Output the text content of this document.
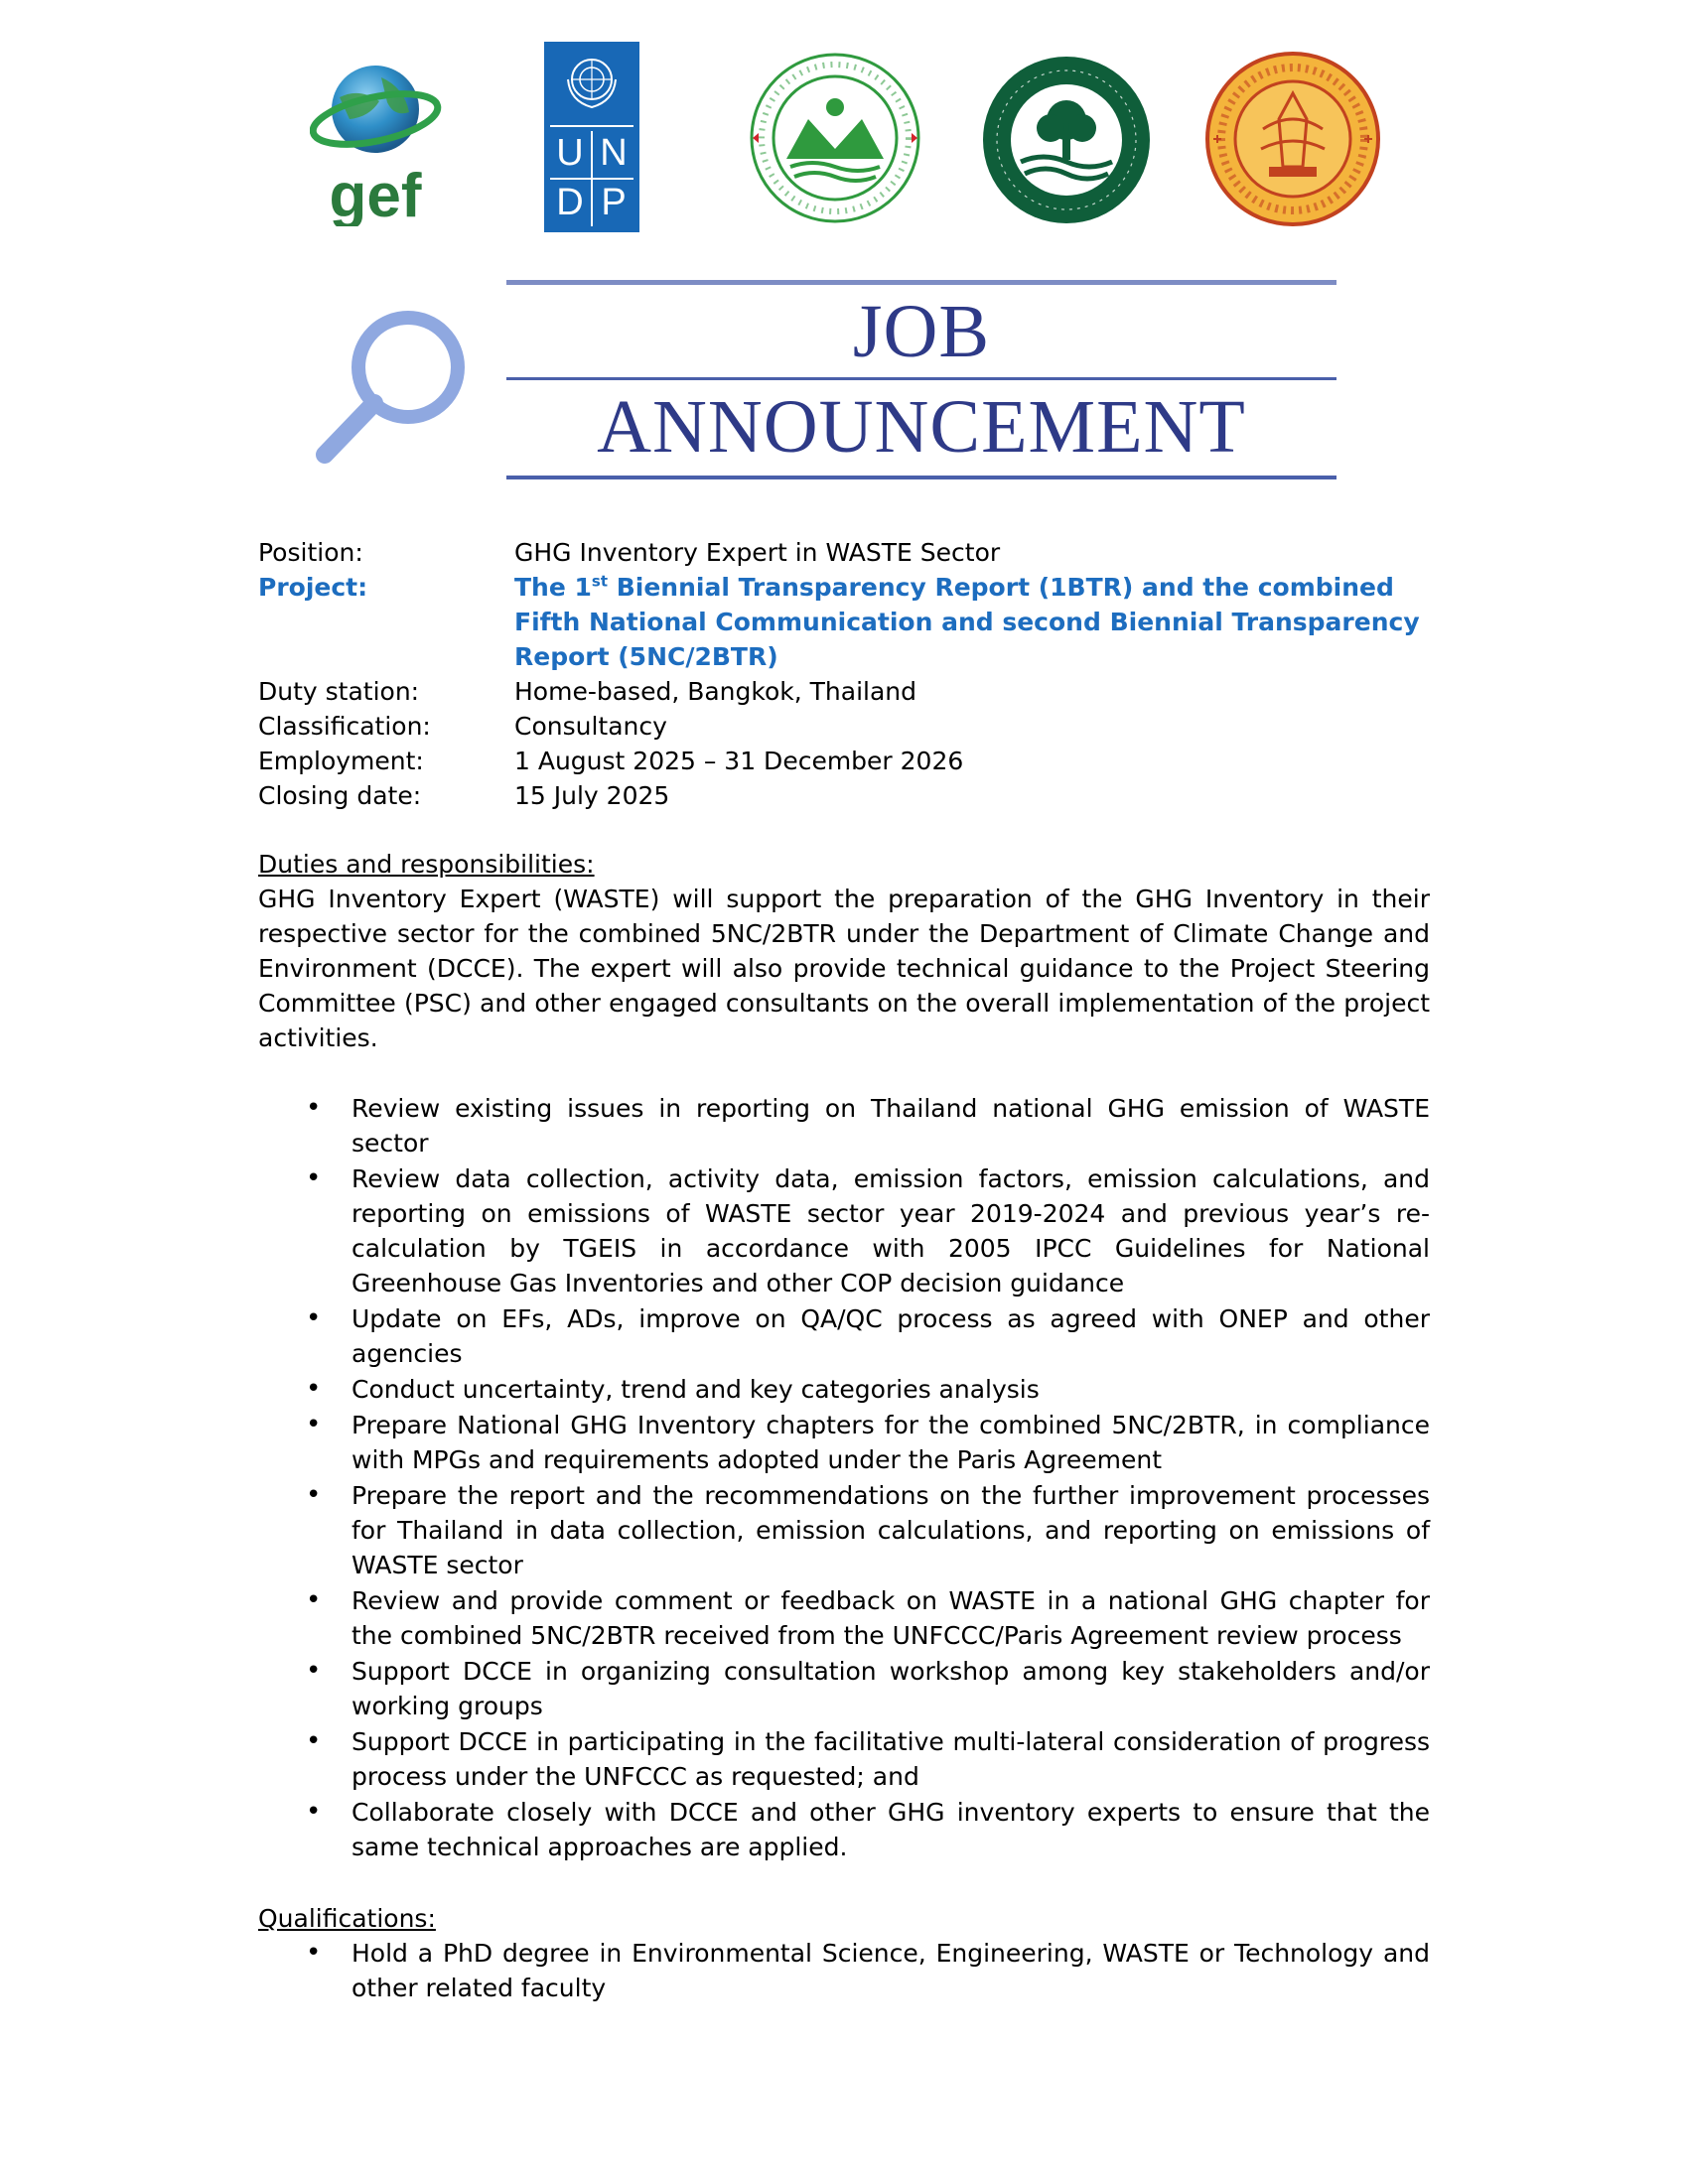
gef
U N
D P
JOB
ANNOUNCEMENT
Position:	GHG Inventory Expert in WASTE Sector
Project:	The 1st Biennial Transparency Report (1BTR) and the combined Fifth National Communication and second Biennial Transparency Report (5NC/2BTR)
Duty station:	Home-based, Bangkok, Thailand
Classification:	Consultancy
Employment:	1 August 2025 – 31 December 2026
Closing date:	15 July 2025
Duties and responsibilities:
GHG Inventory Expert (WASTE) will support the preparation of the GHG Inventory in their respective sector for the combined 5NC/2BTR under the Department of Climate Change and Environment (DCCE). The expert will also provide technical guidance to the Project Steering Committee (PSC) and other engaged consultants on the overall implementation of the project activities.
• Review existing issues in reporting on Thailand national GHG emission of WASTE sector
• Review data collection, activity data, emission factors, emission calculations, and reporting on emissions of WASTE sector year 2019-2024 and previous year’s re-calculation by TGEIS in accordance with 2005 IPCC Guidelines for National Greenhouse Gas Inventories and other COP decision guidance
• Update on EFs, ADs, improve on QA/QC process as agreed with ONEP and other agencies
• Conduct uncertainty, trend and key categories analysis
• Prepare National GHG Inventory chapters for the combined 5NC/2BTR, in compliance with MPGs and requirements adopted under the Paris Agreement
• Prepare the report and the recommendations on the further improvement processes for Thailand in data collection, emission calculations, and reporting on emissions of WASTE sector
• Review and provide comment or feedback on WASTE in a national GHG chapter for the combined 5NC/2BTR received from the UNFCCC/Paris Agreement review process
• Support DCCE in organizing consultation workshop among key stakeholders and/or working groups
• Support DCCE in participating in the facilitative multi-lateral consideration of progress process under the UNFCCC as requested; and
• Collaborate closely with DCCE and other GHG inventory experts to ensure that the same technical approaches are applied.
Qualifications:
• Hold a PhD degree in Environmental Science, Engineering, WASTE or Technology and other related faculty
